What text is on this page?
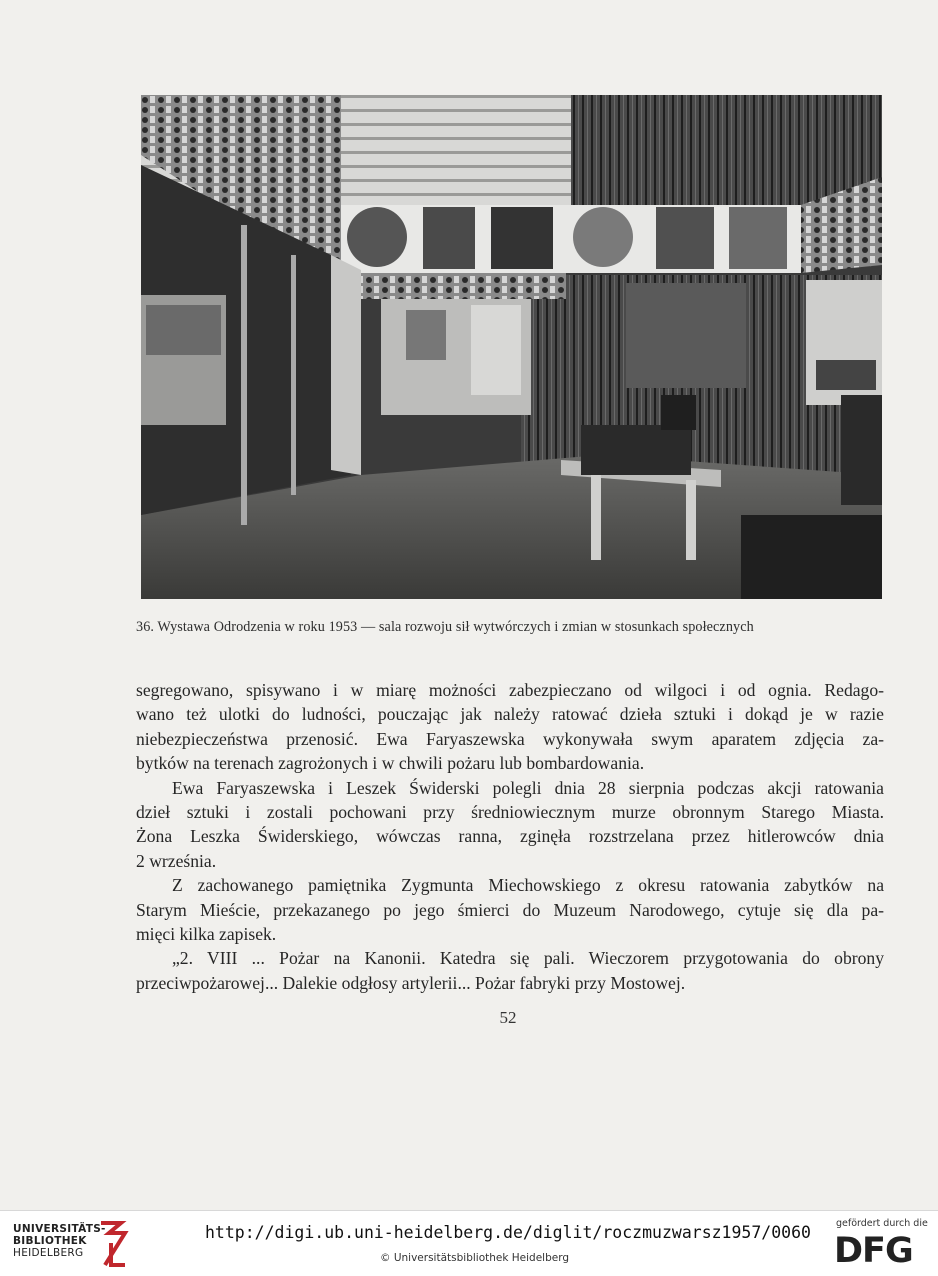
36. Wystawa Odrodzenia w roku 1953 — sala rozwoju sił wytwórczych i zmian w stosunkach społecznych
segregowano, spisywano i w miarę możności zabezpieczano od wilgoci i od ognia. Redago-
wano też ulotki do ludności, pouczając jak należy ratować dzieła sztuki i dokąd je w razie
niebezpieczeństwa przenosić. Ewa Faryaszewska wykonywała swym aparatem zdjęcia za-
bytków na terenach zagrożonych i w chwili pożaru lub bombardowania.
Ewa Faryaszewska i Leszek Świderski polegli dnia 28 sierpnia podczas akcji ratowania
dzieł sztuki i zostali pochowani przy średniowiecznym murze obronnym Starego Miasta.
Żona Leszka Świderskiego, wówczas ranna, zginęła rozstrzelana przez hitlerowców dnia
2 września.
Z zachowanego pamiętnika Zygmunta Miechowskiego z okresu ratowania zabytków na
Starym Mieście, przekazanego po jego śmierci do Muzeum Narodowego, cytuje się dla pa-
mięci kilka zapisek.
„2. VIII ... Pożar na Kanonii. Katedra się pali. Wieczorem przygotowania do obrony
przeciwpożarowej... Dalekie odgłosy artylerii... Pożar fabryki przy Mostowej.
52
UNIVERSITÄTS-
BIBLIOTHEK
HEIDELBERG
http://digi.ub.uni-heidelberg.de/diglit/roczmuzwarsz1957/0060
© Universitätsbibliothek Heidelberg
gefördert durch die
DFG
